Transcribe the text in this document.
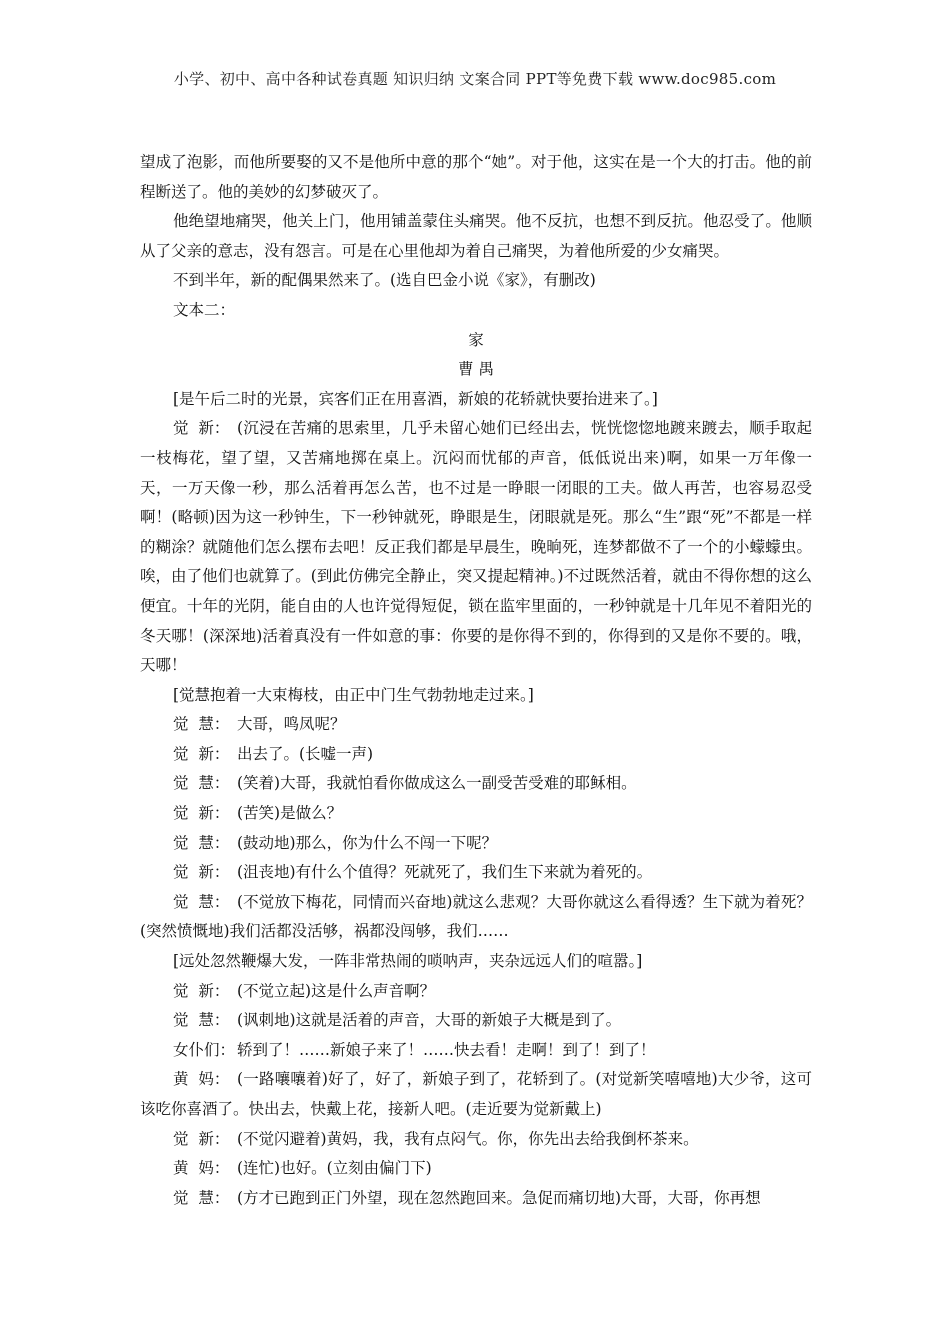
小学、初中、高中各种试卷真题 知识归纳 文案合同 PPT等免费下载 www.doc985.com

望成了泡影，而他所要娶的又不是他所中意的那个“她”。对于他，这实在是一个大的打击。他的前程断送了。他的美妙的幻梦破灭了。

他绝望地痛哭，他关上门，他用铺盖蒙住头痛哭。他不反抗，也想不到反抗。他忍受了。他顺从了父亲的意志，没有怨言。可是在心里他却为着自己痛哭，为着他所爱的少女痛哭。

不到半年，新的配偶果然来了。(选自巴金小说《家》，有删改)

文本二：

家

曹 禺

[是午后二时的光景，宾客们正在用喜酒，新娘的花轿就快要抬进来了。]

觉  新： (沉浸在苦痛的思索里，几乎未留心她们已经出去，恍恍惚惚地踱来踱去，顺手取起一枝梅花，望了望，又苦痛地掷在桌上。沉闷而忧郁的声音，低低说出来)啊，如果一万年像一天，一万天像一秒，那么活着再怎么苦，也不过是一睁眼一闭眼的工夫。做人再苦，也容易忍受啊！(略顿)因为这一秒钟生，下一秒钟就死，睁眼是生，闭眼就是死。那么“生”跟“死”不都是一样的糊涂？就随他们怎么摆布去吧！反正我们都是早晨生，晚晌死，连梦都做不了一个的小蠓蠓虫。唉，由了他们也就算了。(到此仿佛完全静止，突又提起精神。)不过既然活着，就由不得你想的这么便宜。十年的光阴，能自由的人也许觉得短促，锁在监牢里面的，一秒钟就是十几年见不着阳光的冬天哪！(深深地)活着真没有一件如意的事：你要的是你得不到的，你得到的又是你不要的。哦，天哪！

[觉慧抱着一大束梅枝，由正中门生气勃勃地走过来。]

觉  慧： 大哥，鸣凤呢？

觉  新： 出去了。(长嘘一声)

觉  慧： (笑着)大哥，我就怕看你做成这么一副受苦受难的耶稣相。

觉  新： (苦笑)是做么？

觉  慧： (鼓动地)那么，你为什么不闯一下呢？

觉  新： (沮丧地)有什么个值得？死就死了，我们生下来就为着死的。

觉  慧： (不觉放下梅花，同情而兴奋地)就这么悲观？大哥你就这么看得透？生下就为着死？(突然愤慨地)我们活都没活够，祸都没闯够，我们……

[远处忽然鞭爆大发，一阵非常热闹的唢呐声，夹杂远远人们的喧嚣。]

觉  新： (不觉立起)这是什么声音啊？

觉  慧： (讽刺地)这就是活着的声音，大哥的新娘子大概是到了。

女仆们： 轿到了！……新娘子来了！……快去看！走啊！到了！到了！

黄  妈： (一路嚷嚷着)好了，好了，新娘子到了，花轿到了。(对觉新笑嘻嘻地)大少爷，这可该吃你喜酒了。快出去，快戴上花，接新人吧。(走近要为觉新戴上)

觉  新： (不觉闪避着)黄妈，我，我有点闷气。你，你先出去给我倒杯茶来。

黄  妈： (连忙)也好。(立刻由偏门下)

觉  慧： (方才已跑到正门外望，现在忽然跑回来。急促而痛切地)大哥，大哥，你再想
